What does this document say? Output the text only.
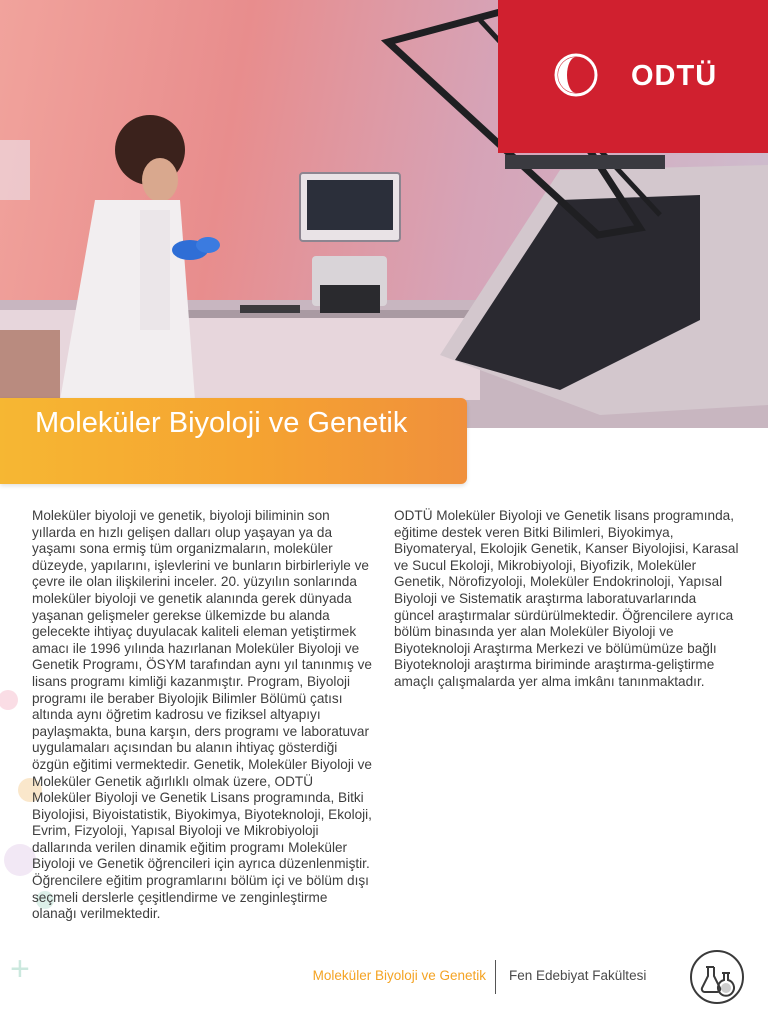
ODTÜ
Moleküler Biyoloji ve Genetik
+
Moleküler biyoloji ve genetik, biyoloji biliminin son yıllarda en hızlı gelişen dalları olup yaşayan ya da yaşamı sona ermiş tüm organizmaların, moleküler düzeyde, yapılarını, işlevlerini ve bunların birbirleriyle ve çevre ile olan ilişkilerini inceler. 20. yüzyılın sonlarında moleküler biyoloji ve genetik alanında gerek dünyada yaşanan gelişmeler gerekse ülkemizde bu alanda gelecekte ihtiyaç duyulacak kaliteli eleman yetiştirmek amacı ile 1996 yılında hazırlanan Moleküler Biyoloji ve Genetik Programı, ÖSYM tarafından aynı yıl tanınmış ve lisans programı kimliği kazanmıştır. Program, Biyoloji programı ile beraber Biyolojik Bilimler Bölümü çatısı altında aynı öğretim kadrosu ve fiziksel altyapıyı paylaşmakta, buna karşın, ders programı ve laboratuvar uygulamaları açısından bu alanın ihtiyaç gösterdiği özgün eğitimi vermektedir. Genetik, Moleküler Biyoloji ve Moleküler Genetik ağırlıklı olmak üzere, ODTÜ Moleküler Biyoloji ve Genetik Lisans programında, Bitki Biyolojisi, Biyoistatistik, Biyokimya, Biyoteknoloji, Ekoloji, Evrim, Fizyoloji, Yapısal Biyoloji ve Mikrobiyoloji dallarında verilen dinamik eğitim programı Moleküler Biyoloji ve Genetik öğrencileri için ayrıca düzenlenmiştir. Öğrencilere eğitim programlarını bölüm içi ve bölüm dışı seçmeli derslerle çeşitlendirme ve zenginleştirme olanağı verilmektedir.
ODTÜ Moleküler Biyoloji ve Genetik lisans programında, eğitime destek veren Bitki Bilimleri, Biyokimya, Biyomateryal, Ekolojik Genetik, Kanser Biyolojisi, Karasal ve Sucul Ekoloji, Mikrobiyoloji, Biyofizik, Moleküler Genetik, Nörofizyoloji, Moleküler Endokrinoloji, Yapısal Biyoloji ve Sistematik araştırma laboratuvarlarında güncel araştırmalar sürdürülmektedir. Öğrencilere ayrıca bölüm binasında yer alan Moleküler Biyoloji ve Biyoteknoloji Araştırma Merkezi ve bölümümüze bağlı Biyoteknoloji araştırma biriminde araştırma-geliştirme amaçlı çalışmalarda yer alma imkânı tanınmaktadır.
Moleküler Biyoloji ve Genetik Fen Edebiyat Fakültesi
